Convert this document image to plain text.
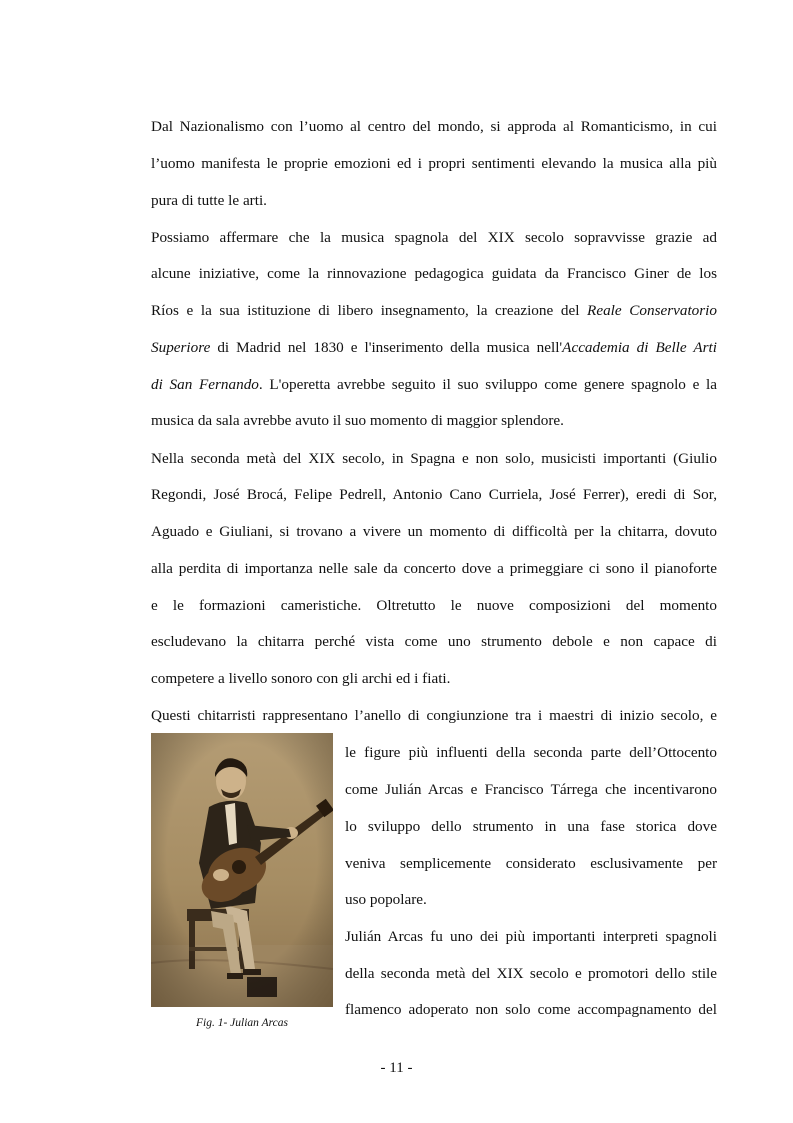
Dal Nazionalismo con l’uomo al centro del mondo, si approda al Romanticismo, in cui
l’uomo manifesta le proprie emozioni ed i propri sentimenti elevando la musica alla più
pura di tutte le arti.
Possiamo affermare che la musica spagnola del XIX secolo sopravvisse grazie ad
alcune iniziative, come la rinnovazione pedagogica guidata da Francisco Giner de los
Ríos e la sua istituzione di libero insegnamento, la creazione del Reale Conservatorio
Superiore di Madrid nel 1830 e l'inserimento della musica nell'Accademia di Belle Arti
di San Fernando. L'operetta avrebbe seguito il suo sviluppo come genere spagnolo e la
musica da sala avrebbe avuto il suo momento di maggior splendore.
Nella seconda metà del XIX secolo, in Spagna e non solo, musicisti importanti (Giulio
Regondi, José Brocá, Felipe Pedrell, Antonio Cano Curriela, José Ferrer), eredi di Sor,
Aguado e Giuliani, si trovano a vivere un momento di difficoltà per la chitarra, dovuto
alla perdita di importanza nelle sale da concerto dove a primeggiare ci sono il pianoforte
e le formazioni cameristiche. Oltretutto le nuove composizioni del momento
escludevano la chitarra perché vista come uno strumento debole e non capace di
competere a livello sonoro con gli archi ed i fiati.
Questi chitarristi rappresentano l’anello di congiunzione tra i maestri di inizio secolo, e
le figure più influenti della seconda parte dell’Ottocento
come Julián Arcas e Francisco Tárrega che incentivarono
lo sviluppo dello strumento in una fase storica dove
veniva semplicemente considerato esclusivamente per
uso popolare.
Julián Arcas fu uno dei più importanti interpreti spagnoli
della seconda metà del XIX secolo e promotori dello stile
flamenco adoperato non solo come accompagnamento del
Fig. 1- Julian Arcas
- 11 -
